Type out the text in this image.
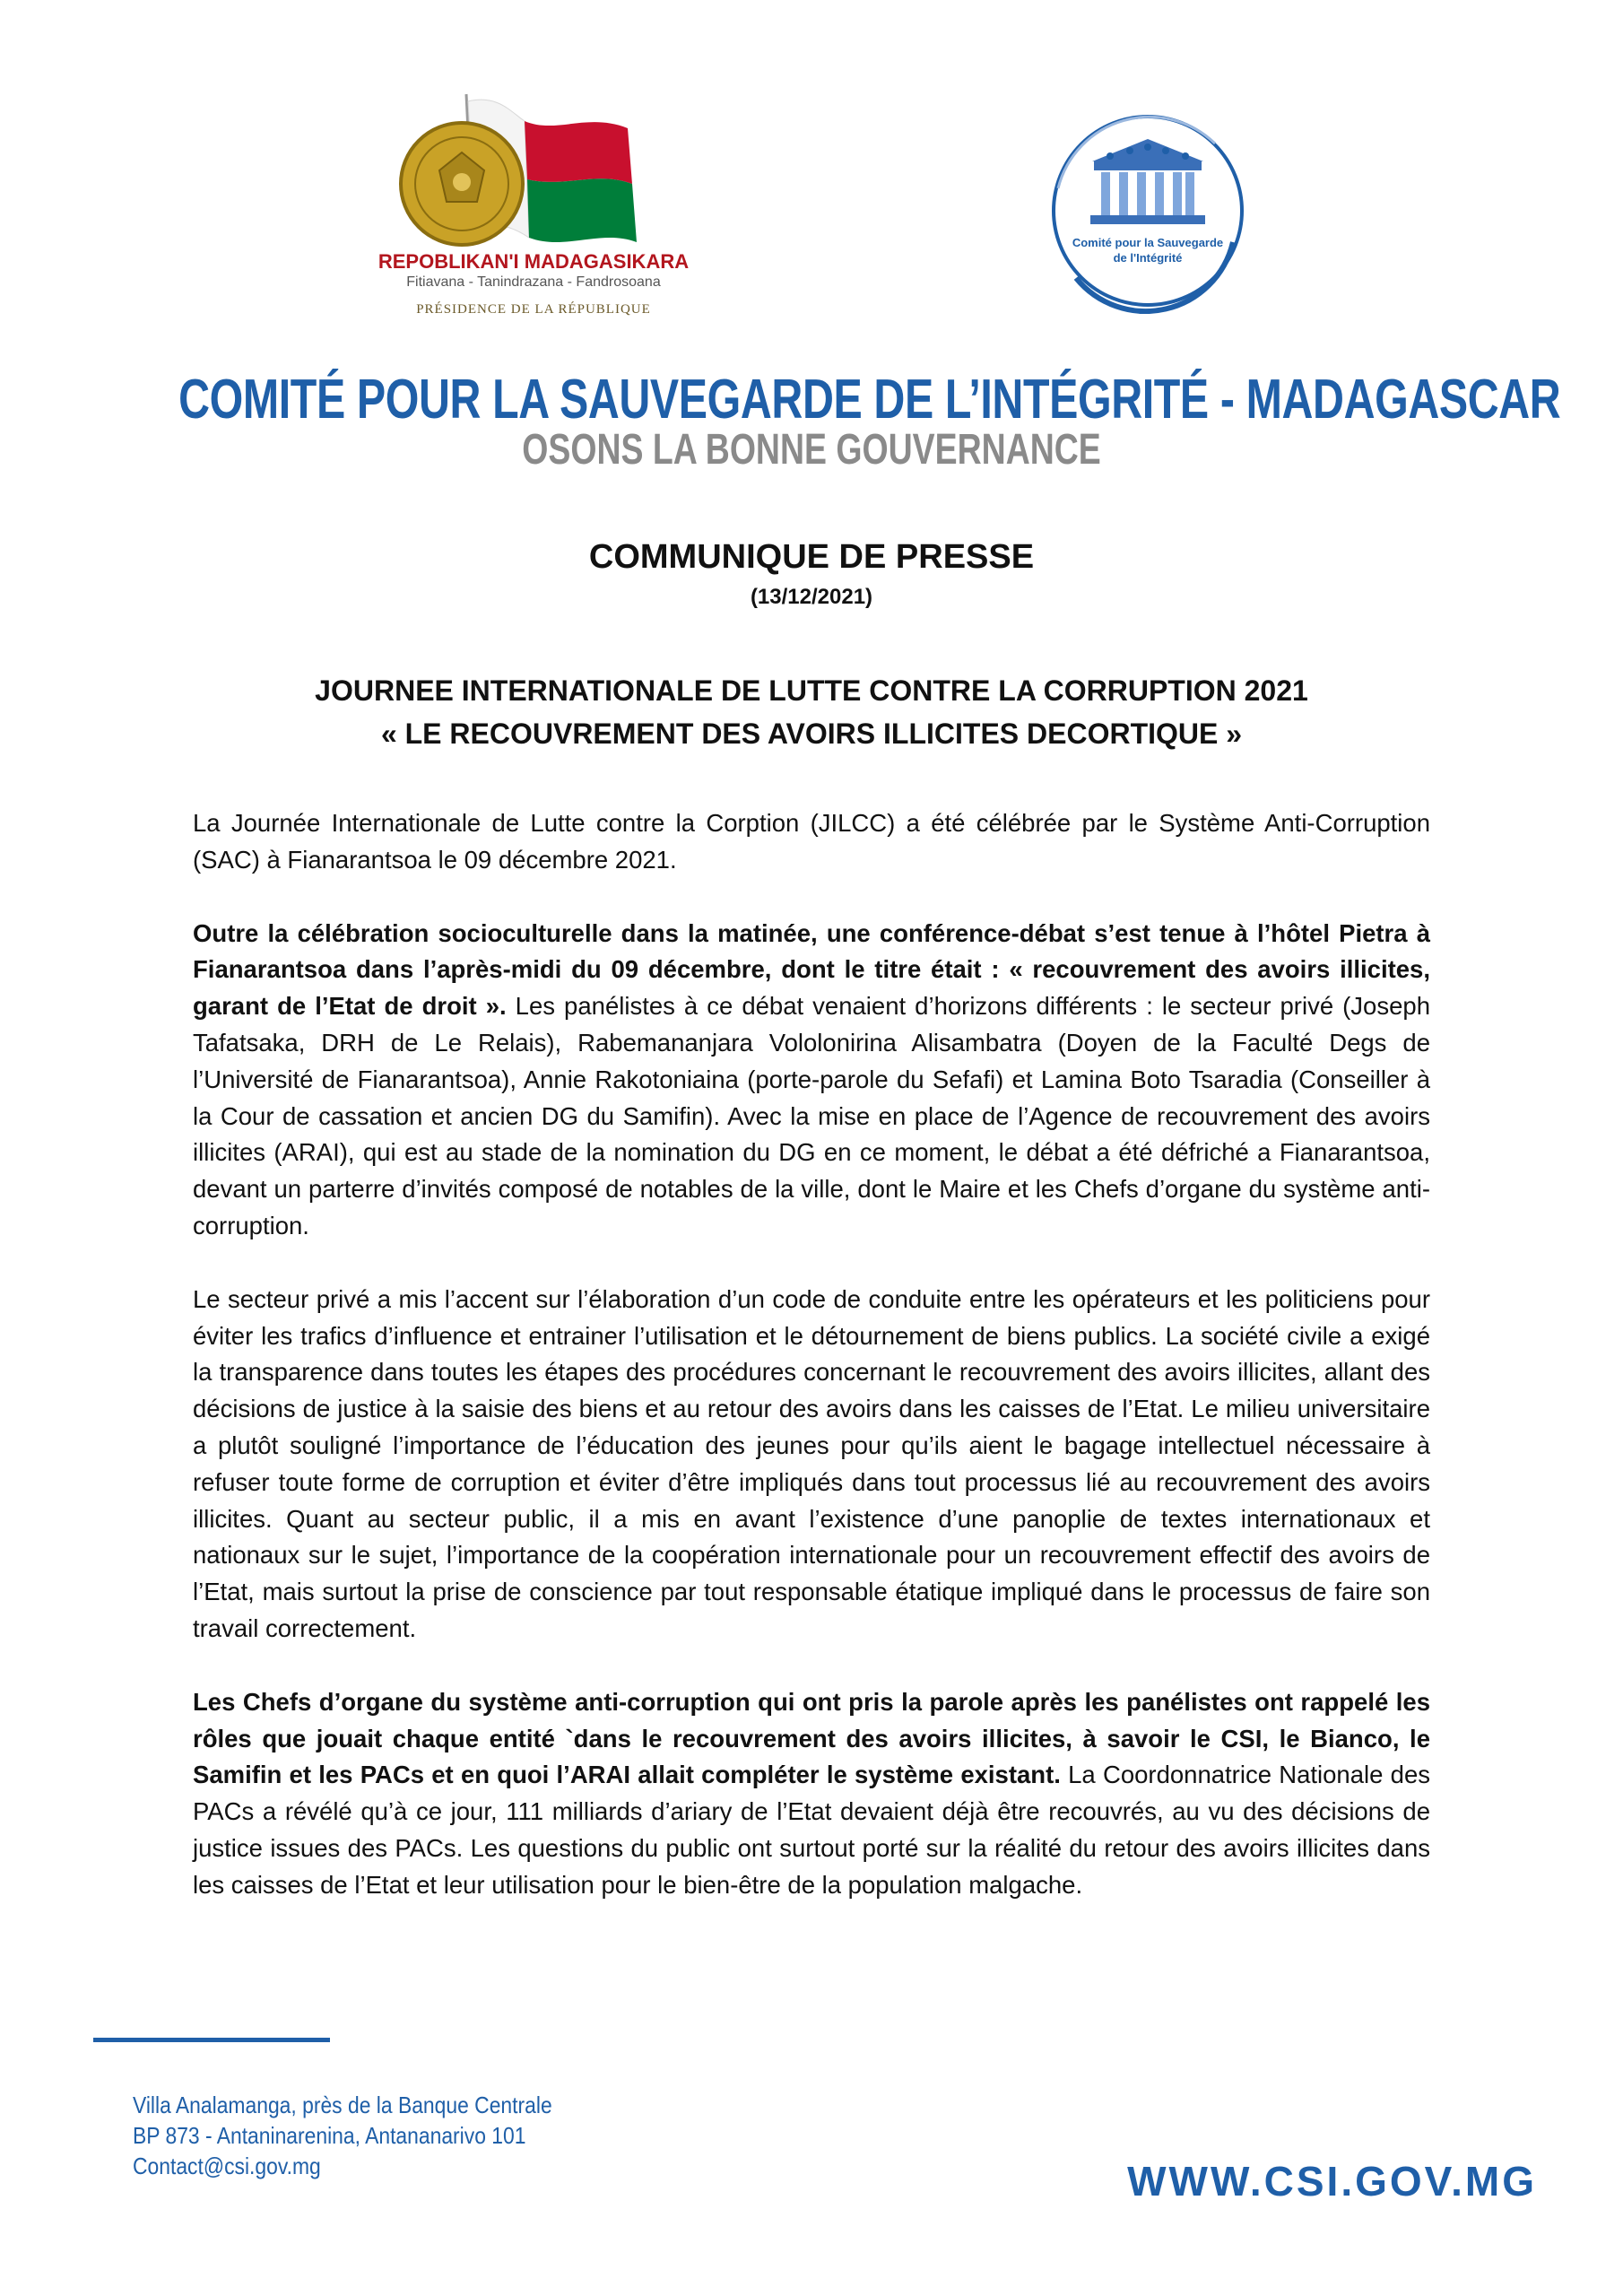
REPOBLIKAN'I MADAGASIKARA
Fitiavana - Tanindrazana - Fandrosoana
PRÉSIDENCE DE LA RÉPUBLIQUE
Comité pour la Sauvegarde
de l'Intégrité
COMITÉ POUR LA SAUVEGARDE DE L’INTÉGRITÉ - MADAGASCAR
OSONS LA BONNE GOUVERNANCE
COMMUNIQUE DE PRESSE
(13/12/2021)
JOURNEE INTERNATIONALE DE LUTTE CONTRE LA CORRUPTION 2021
« LE RECOUVREMENT DES AVOIRS ILLICITES DECORTIQUE »

La Journée Internationale de Lutte contre la Corption (JILCC) a été célébrée par le Système Anti-Corruption (SAC) à Fianarantsoa le 09 décembre 2021.

Outre la célébration socioculturelle dans la matinée, une conférence-débat s’est tenue à l’hôtel Pietra à Fianarantsoa dans l’après-midi du 09 décembre, dont le titre était : « recouvrement des avoirs illicites, garant de l’Etat de droit ». Les panélistes à ce débat venaient d’horizons différents : le secteur privé (Joseph Tafatsaka, DRH de Le Relais), Rabemananjara Vololonirina Alisambatra (Doyen de la Faculté Degs de l’Université de Fianarantsoa), Annie Rakotoniaina (porte-parole du Sefafi) et Lamina Boto Tsaradia (Conseiller à la Cour de cassation et ancien DG du Samifin). Avec la mise en place de l’Agence de recouvrement des avoirs illicites (ARAI), qui est au stade de la nomination du DG en ce moment, le débat a été défriché a Fianarantsoa, devant un parterre d’invités composé de notables de la ville, dont le Maire et les Chefs d’organe du système anti-corruption.

Le secteur privé a mis l’accent sur l’élaboration d’un code de conduite entre les opérateurs et les politiciens pour éviter les trafics d’influence et entrainer l’utilisation et le détournement de biens publics. La société civile a exigé la transparence dans toutes les étapes des procédures concernant le recouvrement des avoirs illicites, allant des décisions de justice à la saisie des biens et au retour des avoirs dans les caisses de l’Etat. Le milieu universitaire a plutôt souligné l’importance de l’éducation des jeunes pour qu’ils aient le bagage intellectuel nécessaire à refuser toute forme de corruption et éviter d’être impliqués dans tout processus lié au recouvrement des avoirs illicites. Quant au secteur public, il a mis en avant l’existence d’une panoplie de textes internationaux et nationaux sur le sujet, l’importance de la coopération internationale pour un recouvrement effectif des avoirs de l’Etat, mais surtout la prise de conscience par tout responsable étatique impliqué dans le processus de faire son travail correctement.

Les Chefs d’organe du système anti-corruption qui ont pris la parole après les panélistes ont rappelé les rôles que jouait chaque entité `dans le recouvrement des avoirs illicites, à savoir le CSI, le Bianco, le Samifin et les PACs et en quoi l’ARAI allait compléter le système existant. La Coordonnatrice Nationale des PACs a révélé qu’à ce jour, 111 milliards d’ariary de l’Etat devaient déjà être recouvrés, au vu des décisions de justice issues des PACs. Les questions du public ont surtout porté sur la réalité du retour des avoirs illicites dans les caisses de l’Etat et leur utilisation pour le bien-être de la population malgache.

Villa Analamanga, près de la Banque Centrale
BP 873 - Antaninarenina, Antananarivo 101
Contact@csi.gov.mg	WWW.CSI.GOV.MG
